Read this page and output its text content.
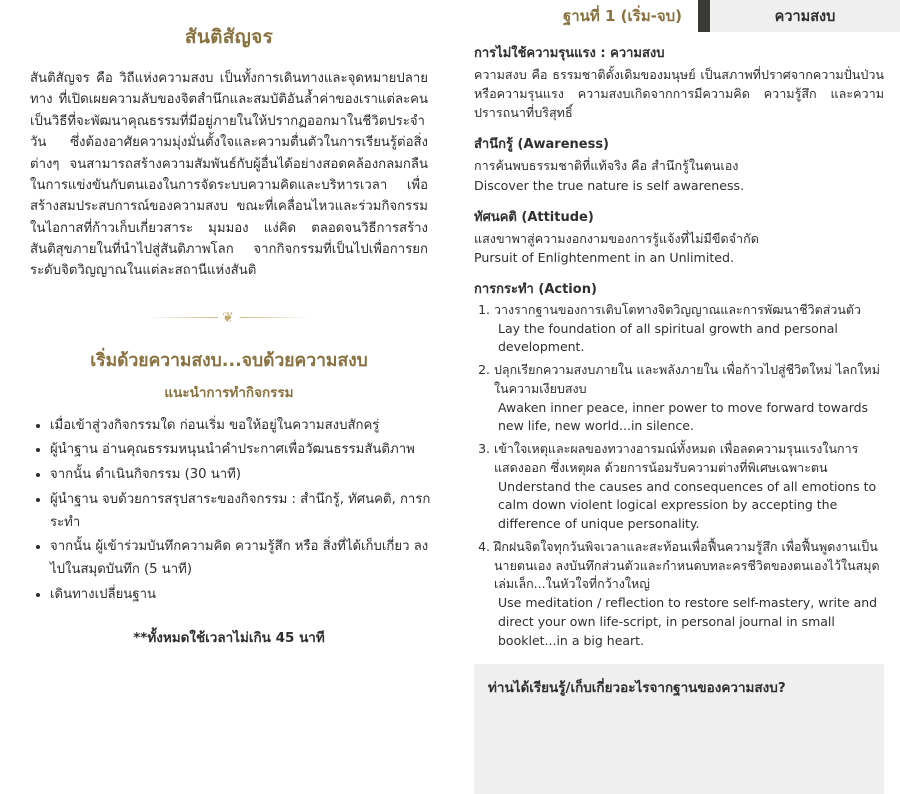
สันติสัญจร
สันติสัญจร คือ วิถีแห่งความสงบ เป็นทั้งการเดินทางและจุดหมายปลายทาง ที่เปิดเผยความลับของจิตสำนึกและสมบัติอันล้ำค่าของเราแต่ละคน เป็นวิธีที่จะพัฒนาคุณธรรมที่มีอยู่ภายในให้ปรากฏออกมาในชีวิตประจำวัน ซึ่งต้องอาศัยความมุ่งมั่นตั้งใจและความตื่นตัวในการเรียนรู้ต่อสิ่งต่างๆ จนสามารถสร้างความสัมพันธ์กับผู้อื่นได้อย่างสอดคล้องกลมกลืน ในการแข่งขันกับตนเองในการจัดระบบความคิดและบริหารเวลา เพื่อสร้างสมประสบการณ์ของความสงบ ขณะที่เคลื่อนไหวและร่วมกิจกรรม ในไอกาสที่ก้าวเก็บเกี่ยวสาระ มุมมอง แง่คิด ตลอดจนวิธีการสร้างสันติสุขภายในที่นำไปสู่สันติภาพโลก จากกิจกรรมที่เป็นไปเพื่อการยกระดับจิตวิญญาณในแต่ละสถานีแห่งสันติ
❦
เริ่มด้วยความสงบ...จบด้วยความสงบ
แนะนำการทำกิจกรรม
• เมื่อเข้าสู่วงกิจกรรมใด ก่อนเริ่ม ขอให้อยู่ในความสงบสักครู่
• ผู้นำฐาน อ่านคุณธรรมหนุนนำคำประกาศเพื่อวัฒนธรรมสันติภาพ
• จากนั้น ดำเนินกิจกรรม (30 นาที)
• ผู้นำฐาน จบด้วยการสรุปสาระของกิจกรรม : สำนึกรู้, ทัศนคติ, การกระทำ
• จากนั้น ผู้เข้าร่วมบันทึกความคิด ความรู้สึก หรือ สิ่งที่ได้เก็บเกี่ยว ลงไปในสมุดบันทึก (5 นาที)
• เดินทางเปลี่ยนฐาน
**ทั้งหมดใช้เวลาไม่เกิน 45 นาที
ความสงบ
ฐานที่ 1 (เริ่ม-จบ)
การไม่ใช้ความรุนแรง : ความสงบ
ความสงบ คือ ธรรมชาติดั้งเดิมของมนุษย์ เป็นสภาพที่ปราศจากความปั่นป่วนหรือความรุนแรง ความสงบเกิดจากการมีความคิด ความรู้สึก และความปรารถนาที่บริสุทธิ์
สำนึกรู้ (Awareness)
การค้นพบธรรมชาติที่แท้จริง คือ สำนึกรู้ในตนเอง
Discover the true nature is self awareness.
ทัศนคติ (Attitude)
แสงขาพาสู่ความงอกงามของการรู้แจ้งที่ไม่มีขีดจำกัด
Pursuit of Enlightenment in an Unlimited.
การกระทำ (Action)
1. วางรากฐานของการเติบโตทางจิตวิญญาณและการพัฒนาชีวิตส่วนตัว
Lay the foundation of all spiritual growth and personal development.
2. ปลุกเรียกความสงบภายใน และพลังภายใน เพื่อก้าวไปสู่ชีวิตใหม่ ไลกใหม่ ในความเงียบสงบ
Awaken inner peace, inner power to move forward towards new life, new world...in silence.
3. เข้าใจเหตุและผลของทวางอารมณ์ทั้งหมด เพื่อลดความรุนแรงในการแสดงออก ซึ่งเหตุผล ด้วยการน้อมรับความต่างที่พิเศษเฉพาะตน
Understand the causes and consequences of all emotions to calm down violent logical expression by accepting the difference of unique personality.
4. ฝึกฝนจิตใจทุกวันพิจเวลาและสะท้อนเพื่อฟื้นความรู้สึก เพื่อฟื้นพูดงานเป็นนายตนเอง ลงบันทึกส่วนตัวและกำหนดบทละครชีวิตของตนเองไว้ในสมุดเล่มเล็ก...ในหัวใจที่กว้างใหญ่
Use meditation / reflection to restore self-mastery, write and direct your own life-script, in personal journal in small booklet...in a big heart.
ท่านได้เรียนรู้/เก็บเกี่ยวอะไรจากฐานของความสงบ?
